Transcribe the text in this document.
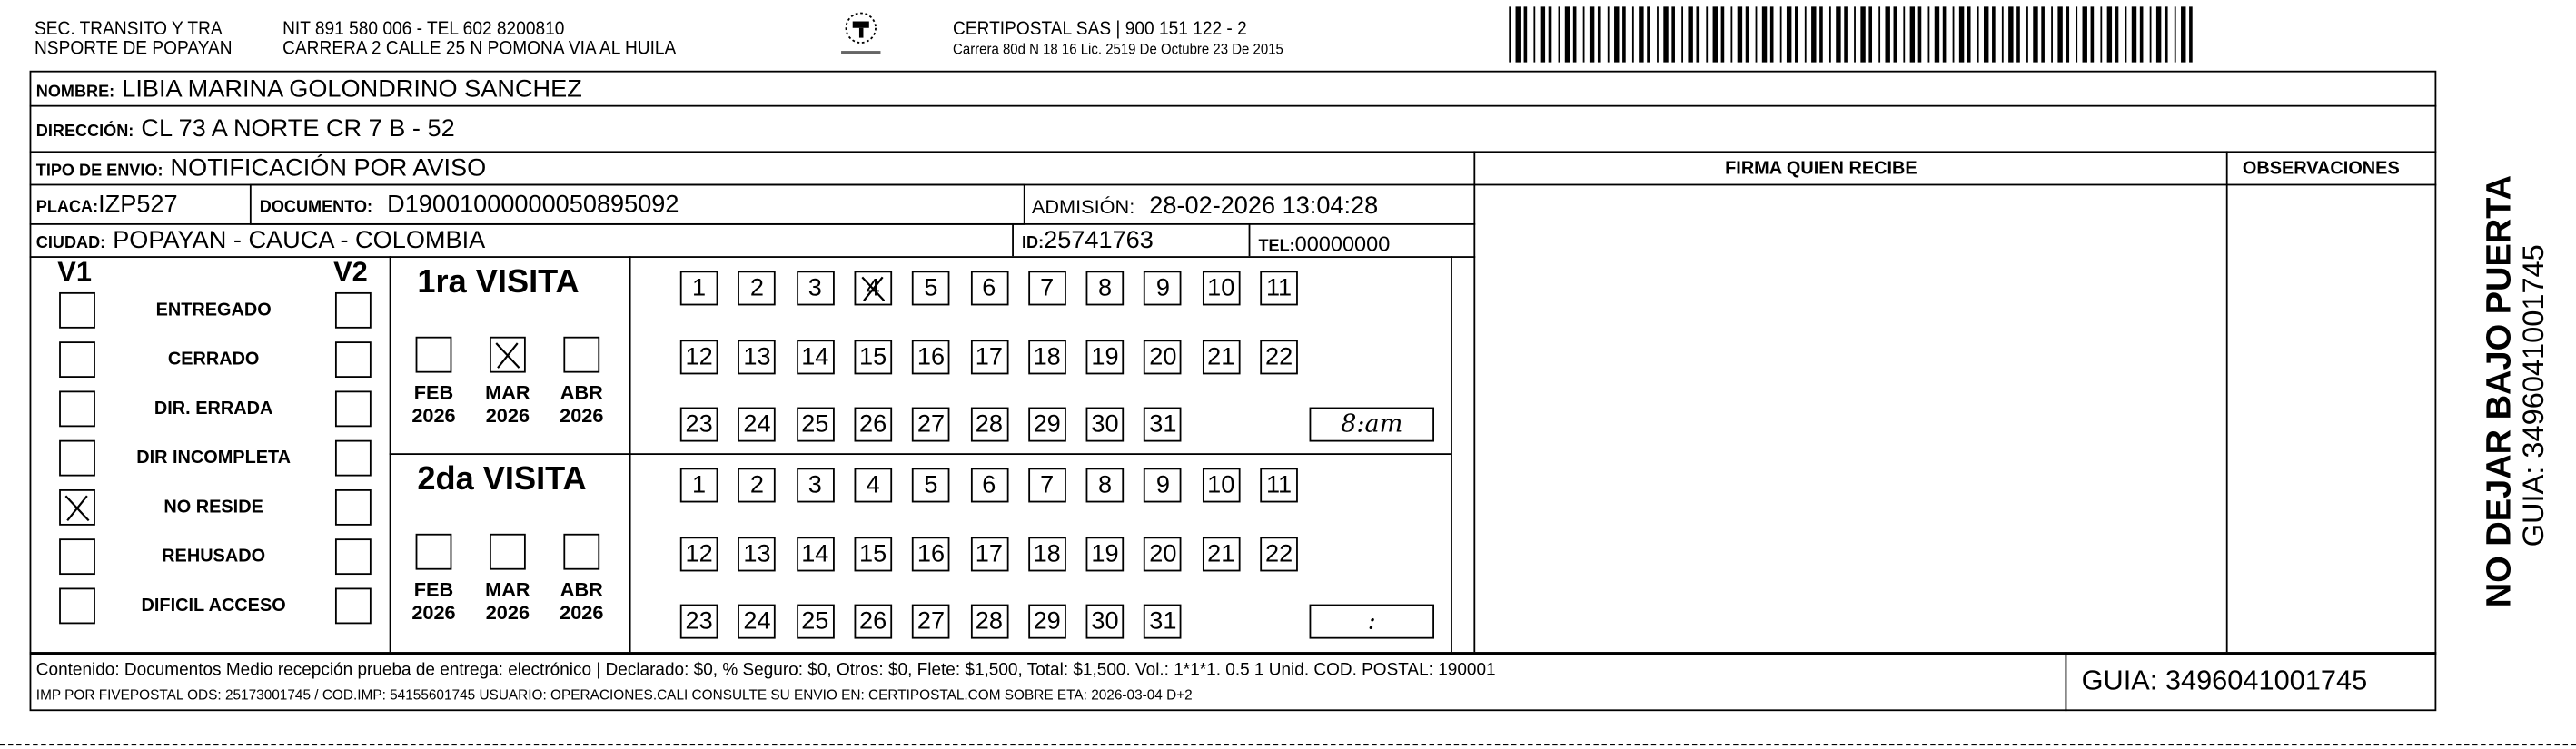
SEC. TRANSITO Y TRA
NSPORTE DE POPAYAN
NIT 891 580 006 - TEL 602 8200810
CARRERA 2 CALLE 25 N POMONA VIA AL HUILA
CERTIPOSTAL SAS | 900 151 122 - 2
Carrera 80d N 18 16 Lic. 2519 De Octubre 23 De 2015
NOMBRE: LIBIA MARINA GOLONDRINO SANCHEZ
DIRECCIÓN: CL 73 A NORTE CR 7 B - 52
TIPO DE ENVIO: NOTIFICACIÓN POR AVISO	FIRMA QUIEN RECIBE	OBSERVACIONES
PLACA:IZP527	DOCUMENTO: D19001000000050895092	ADMISIÓN: 28-02-2026 13:04:28
CIUDAD: POPAYAN - CAUCA - COLOMBIA	ID:25741763	TEL:00000000
V1	V2
ENTREGADO
CERRADO
DIR. ERRADA
DIR INCOMPLETA
NO RESIDE
REHUSADO
DIFICIL ACCESO
1ra VISITA
FEB
2026
MAR
2026
ABR
2026
1	2	3	4	5	6	7	8	9	10	11
12	13	14	15	16	17	18	19	20	21	22
23	24	25	26	27	28	29	30	31	8:am
2da VISITA
FEB
2026
MAR
2026
ABR
2026
1	2	3	4	5	6	7	8	9	10	11
12	13	14	15	16	17	18	19	20	21	22
23	24	25	26	27	28	29	30	31	:
Contenido: Documentos Medio recepción prueba de entrega: electrónico | Declarado: $0, % Seguro: $0, Otros: $0, Flete: $1,500, Total: $1,500. Vol.: 1*1*1. 0.5 1 Unid. COD. POSTAL: 190001
IMP POR FIVEPOSTAL ODS: 25173001745 / COD.IMP: 54155601745 USUARIO: OPERACIONES.CALI CONSULTE SU ENVIO EN: CERTIPOSTAL.COM SOBRE ETA: 2026-03-04 D+2	GUIA: 3496041001745
NO DEJAR BAJO PUERTA
GUIA: 3496041001745
